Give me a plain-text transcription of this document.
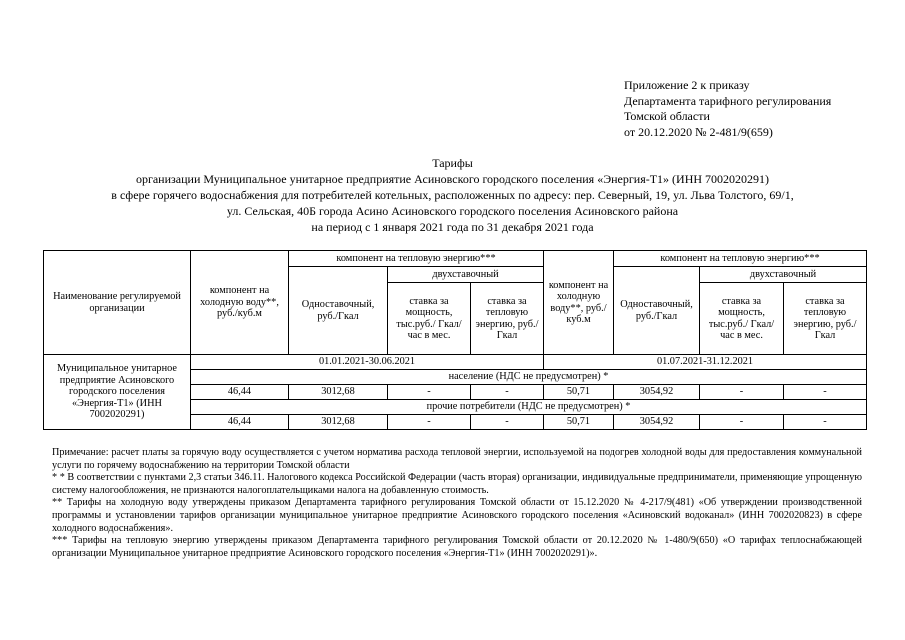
Приложение 2 к приказу
Департамента тарифного регулирования
Томской области
от 20.12.2020 № 2-481/9(659)
Тарифы
организации Муниципальное унитарное предприятие Асиновского городского поселения «Энергия-Т1» (ИНН 7002020291)
в сфере горячего водоснабжения для потребителей котельных, расположенных по адресу: пер. Северный, 19, ул. Льва Толстого, 69/1,
ул. Сельская, 40Б города Асино Асиновского городского поселения Асиновского района
на период с 1 января 2021 года по 31 декабря 2021 года
Наименование регулируемой организации	компонент на холодную воду**, руб./куб.м	компонент на тепловую энергию***			компонент на холодную воду**, руб./куб.м	компонент на тепловую энергию***		
		Одноставочный, руб./Гкал	двухставочный			Одноставочный, руб./Гкал	двухставочный	
			ставка за мощность, тыс.руб./ Гкал/час в мес.	ставка за тепловую энергию, руб./Гкал			ставка за мощность, тыс.руб./ Гкал/час в мес.	ставка за тепловую энергию, руб./Гкал
Муниципальное унитарное предприятие Асиновского городского поселения «Энергия-Т1» (ИНН 7002020291)	01.01.2021-30.06.2021				01.07.2021-31.12.2021			
	население (НДС не предусмотрен) *							
	46,44	3012,68	-	-	50,71	3054,92	-	-
	прочие потребители (НДС не предусмотрен) *							
	46,44	3012,68	-	-	50,71	3054,92	-	-

Примечание: расчет платы за горячую воду осуществляется с учетом норматива расхода тепловой энергии, используемой на подогрев холодной воды для предоставления коммунальной услуги по горячему водоснабжению на территории Томской области

* * В соответствии с пунктами 2,3 статьи 346.11. Налогового кодекса Российской Федерации (часть вторая) организации, индивидуальные предприниматели, применяющие упрощенную систему налогообложения, не признаются налогоплательщиками налога на добавленную стоимость.

** Тарифы на холодную воду утверждены приказом Департамента тарифного регулирования Томской области от 15.12.2020 № 4-217/9(481) «Об утверждении производственной программы и установлении тарифов организации муниципальное унитарное предприятие Асиновского городского поселения «Асиновский водоканал» (ИНН 7002020823) в сфере холодного водоснабжения».

*** Тарифы на тепловую энергию утверждены приказом Департамента тарифного регулирования Томской области от 20.12.2020 № 1-480/9(650) «О тарифах теплоснабжающей организации Муниципальное унитарное предприятие Асиновского городского поселения «Энергия-Т1» (ИНН 7002020291)».
